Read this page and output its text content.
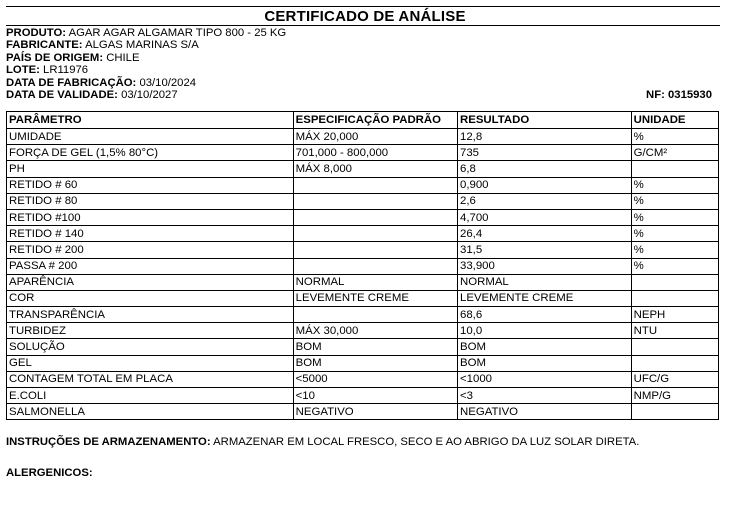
CERTIFICADO DE ANÁLISE
PRODUTO: AGAR AGAR ALGAMAR TIPO 800 - 25 KG
FABRICANTE: ALGAS MARINAS S/A
PAÍS DE ORIGEM: CHILE
LOTE: LR11976
DATA DE FABRICAÇÃO: 03/10/2024
DATA DE VALIDADE: 03/10/2027	NF: 0315930
PARÂMETRO	ESPECIFICAÇÃO PADRÃO	RESULTADO	UNIDADE
UMIDADE	MÁX 20,000	12,8	%
FORÇA DE GEL (1,5% 80°C)	701,000 - 800,000	735	G/CM²
PH	MÁX 8,000	6,8	
RETIDO # 60		0,900	%
RETIDO # 80		2,6	%
RETIDO #100		4,700	%
RETIDO # 140		26,4	%
RETIDO # 200		31,5	%
PASSA # 200		33,900	%
APARÊNCIA	NORMAL	NORMAL	
COR	LEVEMENTE CREME	LEVEMENTE CREME	
TRANSPARÊNCIA		68,6	NEPH
TURBIDEZ	MÁX 30,000	10,0	NTU
SOLUÇÃO	BOM	BOM	
GEL	BOM	BOM	
CONTAGEM TOTAL EM PLACA	<5000	<1000	UFC/G
E.COLI	<10	<3	NMP/G
SALMONELLA	NEGATIVO	NEGATIVO	
INSTRUÇÕES DE ARMAZENAMENTO: ARMAZENAR EM LOCAL FRESCO, SECO E AO ABRIGO DA LUZ SOLAR DIRETA.
ALERGENICOS:
